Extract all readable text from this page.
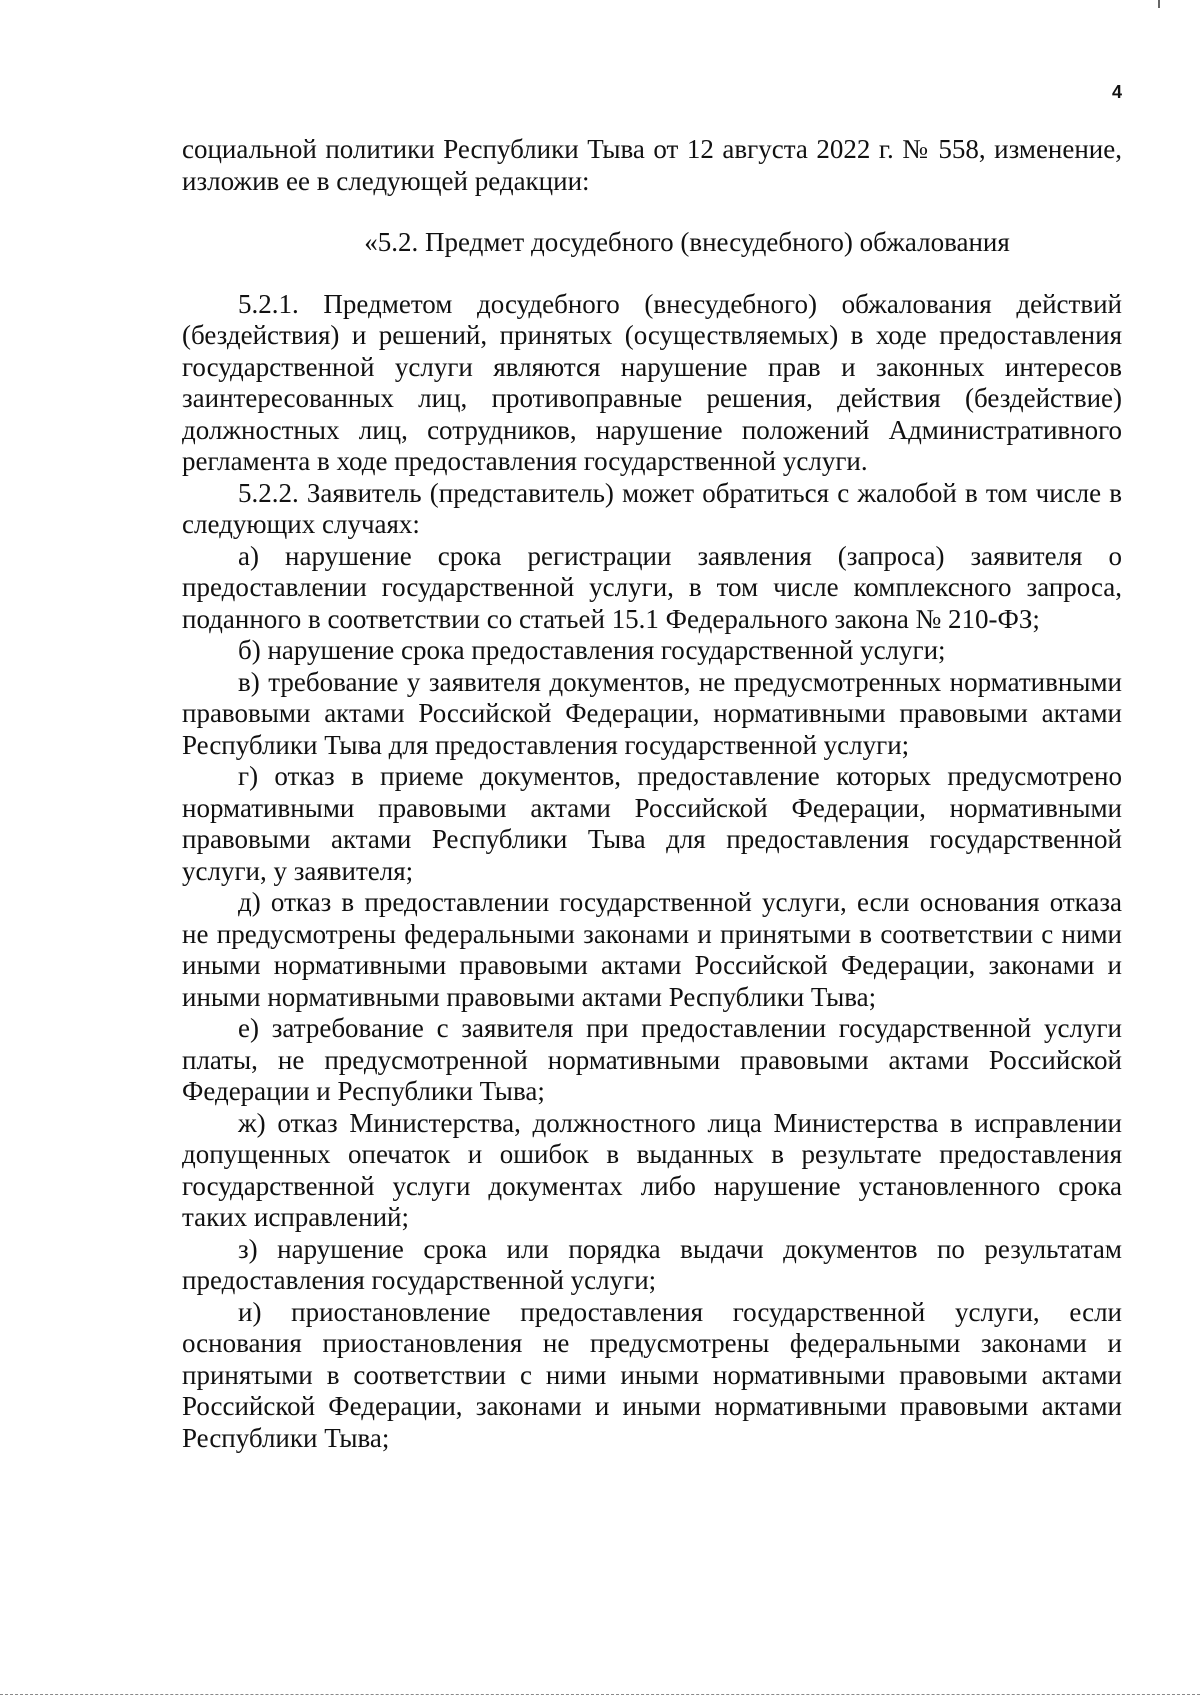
4

социальной политики Республики Тыва от 12 августа 2022 г. № 558, изменение, изложив ее в следующей редакции:

«5.2. Предмет досудебного (внесудебного) обжалования

5.2.1. Предметом досудебного (внесудебного) обжалования действий (бездействия) и решений, принятых (осуществляемых) в ходе предоставления государственной услуги являются нарушение прав и законных интересов заинтересованных лиц, противоправные решения, действия (бездействие) должностных лиц, сотрудников, нарушение положений Административного регламента в ходе предоставления государственной услуги.

5.2.2. Заявитель (представитель) может обратиться с жалобой в том числе в следующих случаях:

а) нарушение срока регистрации заявления (запроса) заявителя о предоставлении государственной услуги, в том числе комплексного запроса, поданного в соответствии со статьей 15.1 Федерального закона № 210-ФЗ;

б) нарушение срока предоставления государственной услуги;

в) требование у заявителя документов, не предусмотренных нормативными правовыми актами Российской Федерации, нормативными правовыми актами Республики Тыва для предоставления государственной услуги;

г) отказ в приеме документов, предоставление которых предусмотрено нормативными правовыми актами Российской Федерации, нормативными правовыми актами Республики Тыва для предоставления государственной услуги, у заявителя;

д) отказ в предоставлении государственной услуги, если основания отказа не предусмотрены федеральными законами и принятыми в соответствии с ними иными нормативными правовыми актами Российской Федерации, законами и иными нормативными правовыми актами Республики Тыва;

е) затребование с заявителя при предоставлении государственной услуги платы, не предусмотренной нормативными правовыми актами Российской Федерации и Республики Тыва;

ж) отказ Министерства, должностного лица Министерства в исправлении допущенных опечаток и ошибок в выданных в результате предоставления государственной услуги документах либо нарушение установленного срока таких исправлений;

з) нарушение срока или порядка выдачи документов по результатам предоставления государственной услуги;

и) приостановление предоставления государственной услуги, если основания приостановления не предусмотрены федеральными законами и принятыми в соответствии с ними иными нормативными правовыми актами Российской Федерации, законами и иными нормативными правовыми актами Республики Тыва;
